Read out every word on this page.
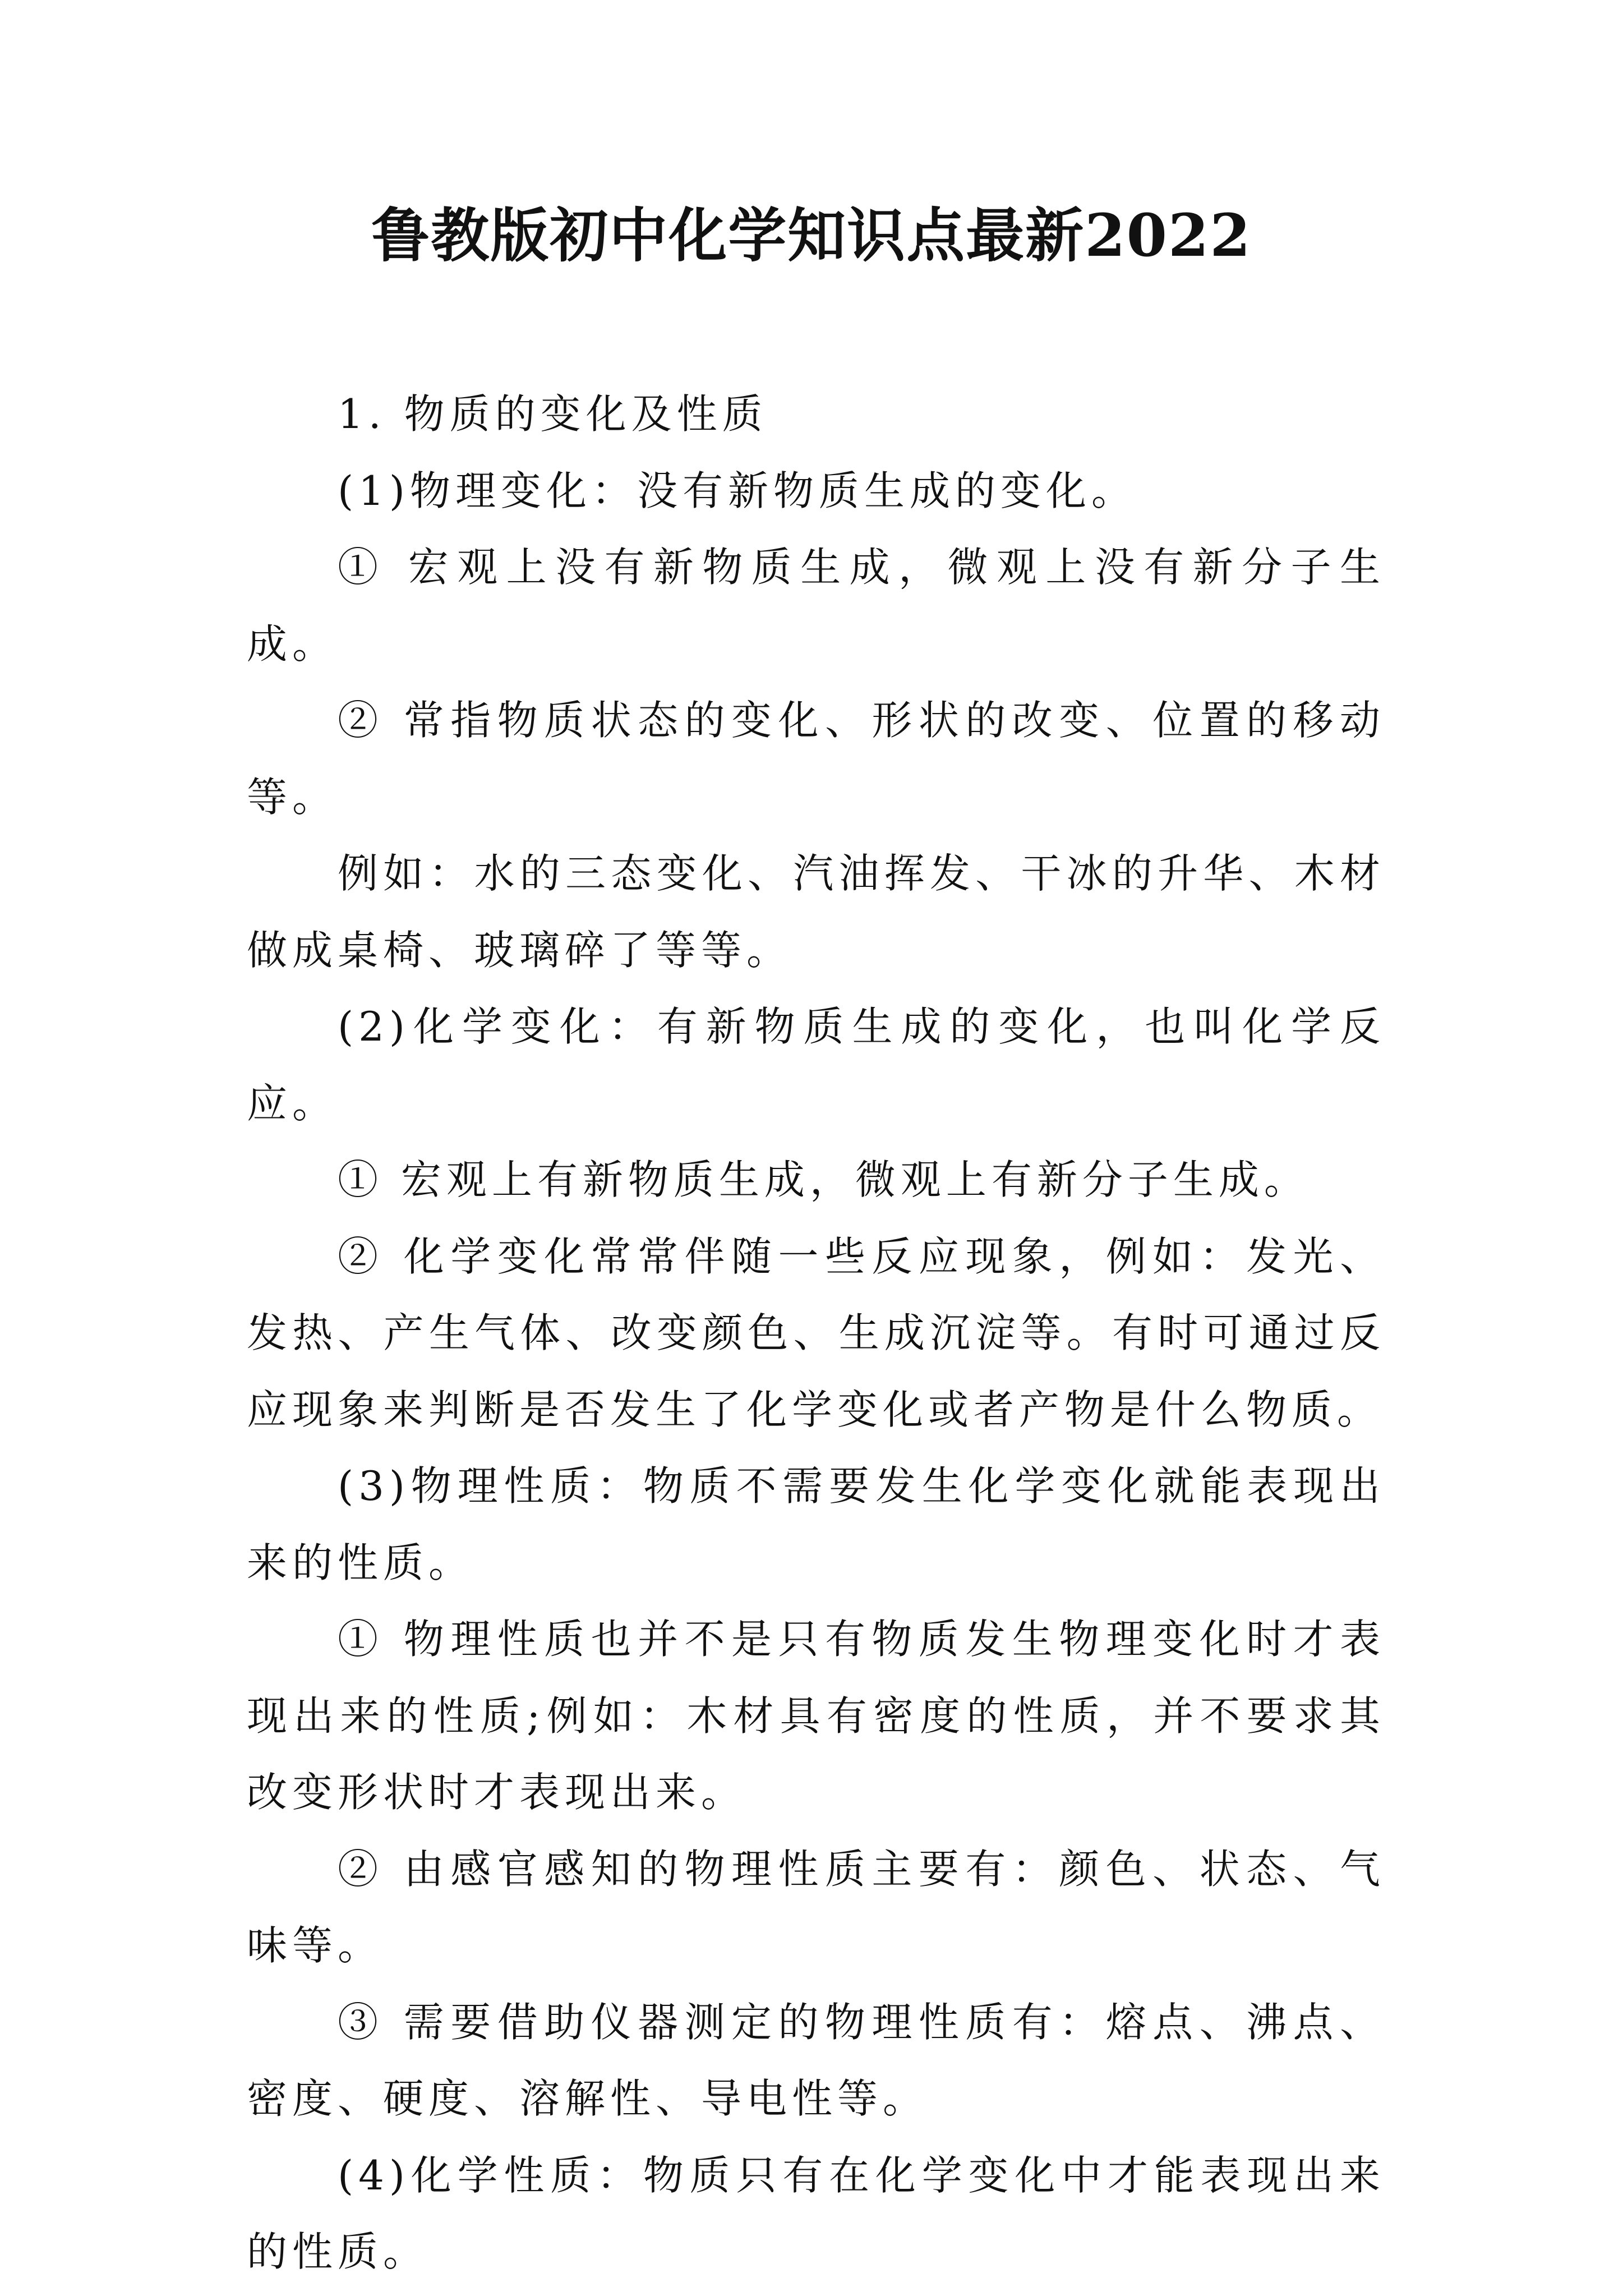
鲁教版初中化学知识点最新2022

1. 物质的变化及性质

(1)物理变化：没有新物质生成的变化。

① 宏观上没有新物质生成，微观上没有新分子生成。

② 常指物质状态的变化、形状的改变、位置的移动等。

例如：水的三态变化、汽油挥发、干冰的升华、木材做成桌椅、玻璃碎了等等。

(2)化学变化：有新物质生成的变化，也叫化学反应。

① 宏观上有新物质生成，微观上有新分子生成。

② 化学变化常常伴随一些反应现象，例如：发光、发热、产生气体、改变颜色、生成沉淀等。有时可通过反应现象来判断是否发生了化学变化或者产物是什么物质。

(3)物理性质：物质不需要发生化学变化就能表现出来的性质。

① 物理性质也并不是只有物质发生物理变化时才表现出来的性质;例如：木材具有密度的性质，并不要求其改变形状时才表现出来。

② 由感官感知的物理性质主要有：颜色、状态、气味等。

③ 需要借助仪器测定的物理性质有：熔点、沸点、密度、硬度、溶解性、导电性等。

(4)化学性质：物质只有在化学变化中才能表现出来的性质。
